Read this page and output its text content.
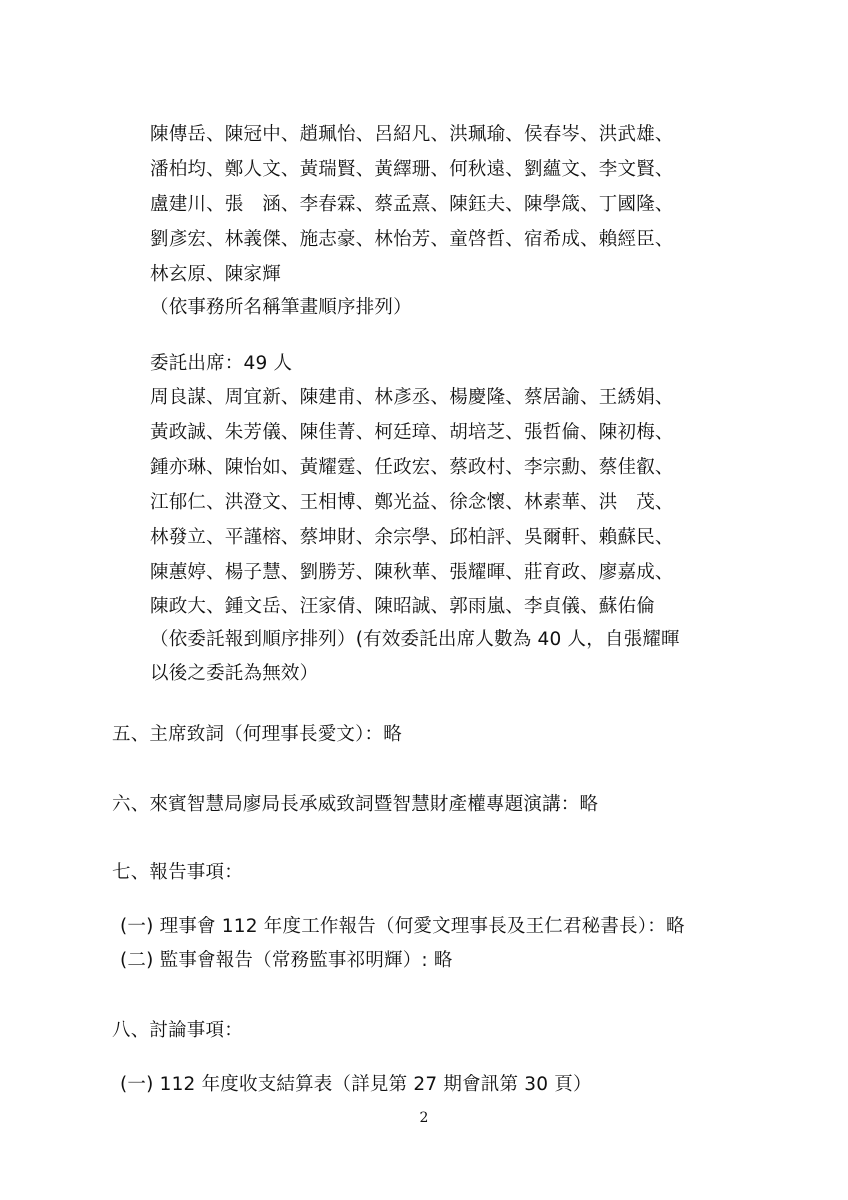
陳傳岳、陳冠中、趙珮怡、呂紹凡、洪珮瑜、侯春岑、洪武雄、
潘柏均、鄭人文、黃瑞賢、黃繹珊、何秋遠、劉蘊文、李文賢、
盧建川、張　涵、李春霖、蔡孟熹、陳鈺夫、陳學箴、丁國隆、
劉彥宏、林義傑、施志豪、林怡芳、童啓哲、宿希成、賴經臣、
林玄原、陳家輝
（依事務所名稱筆畫順序排列）
委託出席：49 人
周良謀、周宜新、陳建甫、林彥丞、楊慶隆、蔡居諭、王綉娟、
黃政誠、朱芳儀、陳佳菁、柯廷璋、胡培芝、張哲倫、陳初梅、
鍾亦琳、陳怡如、黃耀霆、任政宏、蔡政村、李宗勳、蔡佳叡、
江郁仁、洪澄文、王相博、鄭光益、徐念懷、林素華、洪　茂、
林發立、平謹榕、蔡坤財、余宗學、邱柏評、吳爾軒、賴蘇民、
陳蕙婷、楊子慧、劉勝芳、陳秋華、張耀暉、莊育政、廖嘉成、
陳政大、鍾文岳、汪家倩、陳昭誠、郭雨嵐、李貞儀、蘇佑倫
（依委託報到順序排列）(有效委託出席人數為 40 人，自張耀暉
以後之委託為無效）
五、主席致詞（何理事長愛文）：略
六、來賓智慧局廖局長承威致詞暨智慧財產權專題演講：略
七、報告事項：
(一) 理事會 112 年度工作報告（何愛文理事長及王仁君秘書長）：略
(二) 監事會報告（常務監事祁明輝）: 略
八、討論事項：
(一) 112 年度收支結算表（詳見第 27 期會訊第 30 頁）
2
